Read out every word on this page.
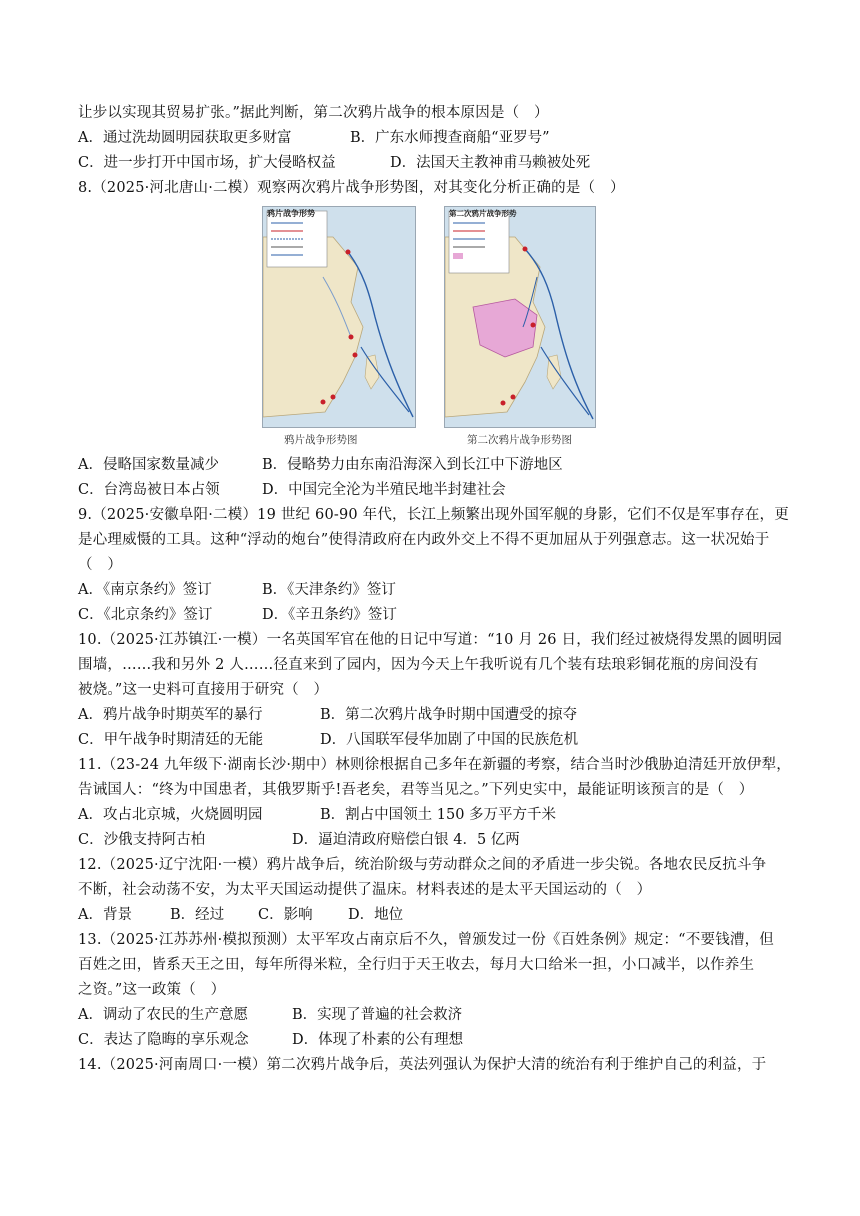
让步以实现其贸易扩张。”据此判断，第二次鸦片战争的根本原因是（　）
A．通过洗劫圆明园获取更多财富	B．广东水师搜查商船“亚罗号”
C．进一步打开中国市场，扩大侵略权益	D．法国天主教神甫马赖被处死
8.（2025·河北唐山·二模）观察两次鸦片战争形势图，对其变化分析正确的是（　）
鸦片战争形势	第二次鸦片战争形势
鸦片战争形势图	第二次鸦片战争形势图
A．侵略国家数量减少	B．侵略势力由东南沿海深入到长江中下游地区
C．台湾岛被日本占领	D．中国完全沦为半殖民地半封建社会
9.（2025·安徽阜阳·二模）19 世纪 60-90 年代，长江上频繁出现外国军舰的身影，它们不仅是军事存在，更
是心理威慑的工具。这种“浮动的炮台”使得清政府在内政外交上不得不更加屈从于列强意志。这一状况始于
（　）
A．《南京条约》签订	B．《天津条约》签订
C．《北京条约》签订	D．《辛丑条约》签订
10.（2025·江苏镇江·一模）一名英国军官在他的日记中写道：“10 月 26 日，我们经过被烧得发黑的圆明园
围墙，……我和另外 2 人……径直来到了园内，因为今天上午我听说有几个装有珐琅彩铜花瓶的房间没有
被烧。”这一史料可直接用于研究（　）
A．鸦片战争时期英军的暴行	B．第二次鸦片战争时期中国遭受的掠夺
C．甲午战争时期清廷的无能	D．八国联军侵华加剧了中国的民族危机
11.（23-24 九年级下·湖南长沙·期中）林则徐根据自己多年在新疆的考察，结合当时沙俄胁迫清廷开放伊犁，
告诫国人：“终为中国患者，其俄罗斯乎!吾老矣，君等当见之。”下列史实中，最能证明该预言的是（　）
A．攻占北京城，火烧圆明园	B．割占中国领土 150 多万平方千米
C．沙俄支持阿古柏	D．逼迫清政府赔偿白银 4．5 亿两
12.（2025·辽宁沈阳·一模）鸦片战争后，统治阶级与劳动群众之间的矛盾进一步尖锐。各地农民反抗斗争
不断，社会动荡不安，为太平天国运动提供了温床。材料表述的是太平天国运动的（　）
A．背景	B．经过 C．影响 D．地位
13.（2025·江苏苏州·模拟预测）太平军攻占南京后不久，曾颁发过一份《百姓条例》规定：“不要钱漕，但
百姓之田，皆系天王之田，每年所得米粒，全行归于天王收去，每月大口给米一担，小口减半，以作养生
之资。”这一政策（　）
A．调动了农民的生产意愿	B．实现了普遍的社会救济
C．表达了隐晦的享乐观念	D．体现了朴素的公有理想
14.（2025·河南周口·一模）第二次鸦片战争后，英法列强认为保护大清的统治有利于维护自己的利益，于
